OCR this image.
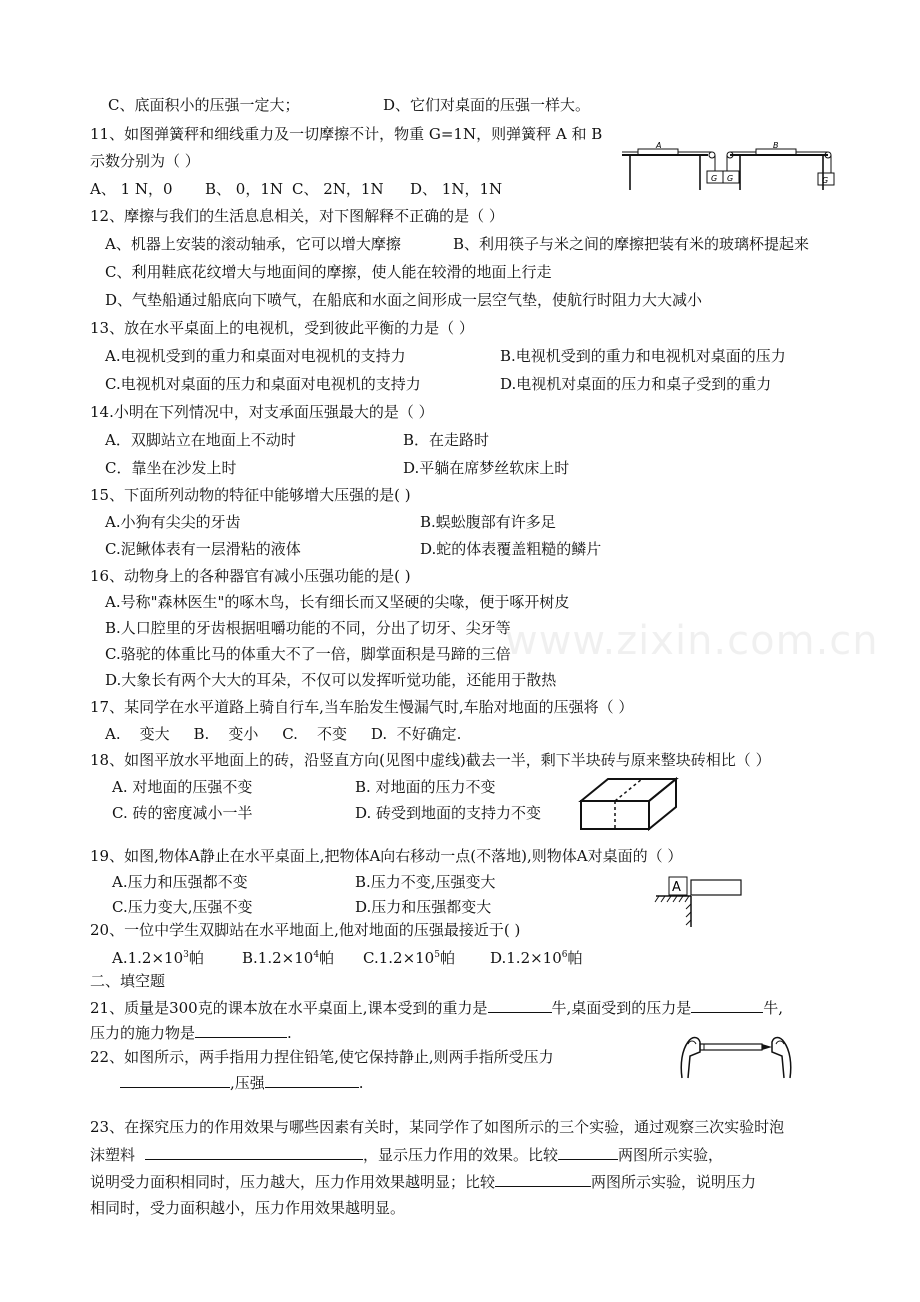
www.zixin.com.cn
C、底面积小的压强一定大；	D、它们对桌面的压强一样大。
11、如图弹簧秤和细线重力及一切摩擦不计，物重 G=1N，则弹簧秤 A 和 B
示数分别为（ ）
A、 1 N，0 B、 0，1N C、 2N，1N D、 1N，1N
A
G G
B
G
12、摩擦与我们的生活息息相关，对下图解释不正确的是（ ）
A、机器上安装的滚动轴承，它可以增大摩擦	B、利用筷子与米之间的摩擦把装有米的玻璃杯提起来
C、利用鞋底花纹增大与地面间的摩擦，使人能在较滑的地面上行走
D、气垫船通过船底向下喷气，在船底和水面之间形成一层空气垫，使航行时阻力大大减小
13、放在水平桌面上的电视机，受到彼此平衡的力是（ ）
A.电视机受到的重力和桌面对电视机的支持力	B.电视机受到的重力和电视机对桌面的压力
C.电视机对桌面的压力和桌面对电视机的支持力	D.电视机对桌面的压力和桌子受到的重力
14.小明在下列情况中，对支承面压强最大的是（ ）
A．双脚站立在地面上不动时	B．在走路时
C．靠坐在沙发上时	D.平躺在席梦丝软床上时
15、下面所列动物的特征中能够增大压强的是( )
A.小狗有尖尖的牙齿	B.蜈蚣腹部有许多足
C.泥鳅体表有一层滑粘的液体	D.蛇的体表覆盖粗糙的鳞片
16、动物身上的各种器官有减小压强功能的是( )
A.号称"森林医生"的啄木鸟，长有细长而又坚硬的尖喙，便于啄开树皮
B.人口腔里的牙齿根据咀嚼功能的不同，分出了切牙、尖牙等
C.骆驼的体重比马的体重大不了一倍，脚掌面积是马蹄的三倍
D.大象长有两个大大的耳朵，不仅可以发挥听觉功能，还能用于散热
17、某同学在水平道路上骑自行车,当车胎发生慢漏气时,车胎对地面的压强将（ ）
A.    变大     B.    变小     C.    不变     D.  不好确定.
18、如图平放水平地面上的砖，沿竖直方向(见图中虚线)截去一半，剩下半块砖与原来整块砖相比（ ）
A. 对地面的压强不变	B. 对地面的压力不变
C. 砖的密度减小一半	D. 砖受到地面的支持力不变
19、如图,物体A静止在水平桌面上,把物体A向右移动一点(不落地),则物体A对桌面的（ ）
A.压力和压强都不变	B.压力不变,压强变大
C.压力变大,压强不变	D.压力和压强都变大
A
20、一位中学生双脚站在水平地面上,他对地面的压强最接近于( )
$A.1.2\times 10^3$帕	$B.1.2\times 10^4$帕 $C.1.2\times 10^5$帕 $D.1.2\times 10^6$帕
二、填空题
21、质量是300克的课本放在水平桌面上,课本受到的重力是	牛,桌面受到的压力是	牛,
压力的施力物是	.
22、如图所示，两手指用力捏住铅笔,使它保持静止,则两手指所受压力
,压强	.
23、在探究压力的作用效果与哪些因素有关时，某同学作了如图所示的三个实验，通过观察三次实验时泡
沫塑料	，显示压力作用的效果。比较	两图所示实验，
说明受力面积相同时，压力越大，压力作用效果越明显；比较	两图所示实验，说明压力
相同时，受力面积越小，压力作用效果越明显。
